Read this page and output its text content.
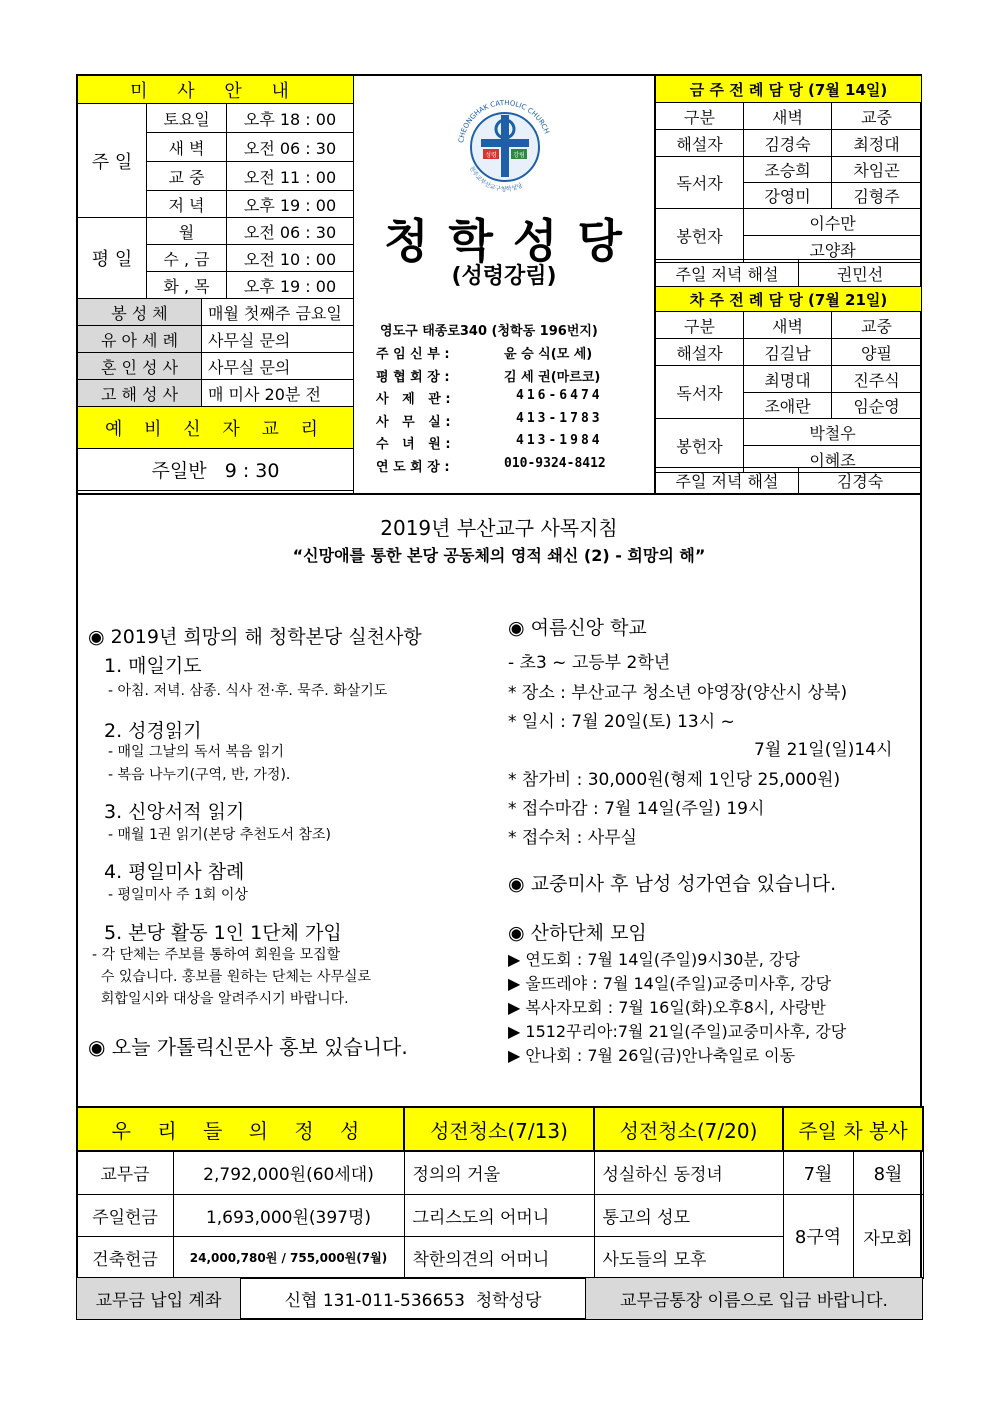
미 사 안 내		
주 일	토요일	오후 18 : 00
	새 벽	오전 06 : 30
	교 중	오전 11 : 00
	저 녁	오후 19 : 00
평 일	월	오전 06 : 30
	수 , 금	오전 10 : 00
	화 , 목	오후 19 : 00
봉 성 체	매월 첫째주 금요일
유 아 세 례	사무실 문의
혼 인 성 사	사무실 문의
고 해 성 사	매 미사 20분 전
예 비 신 자 교 리	
주일반   9 : 30	
CHEONGHAK CATHOLIC CHURCH
천주교부산교구청학성당
성령	강림
청 학 성 당
(성령강림)
영도구 태종로340 (청학동 196번지)
주 임 신 부 :	윤 승 식(모 세)
평 협 회 장 :	김 세 권(마르코)
사   제   관 :	416-6474
사   무   실 :	413-1783
수   녀   원 :	413-1984
연 도 회 장 :	010-9324-8412
금 주 전 례 담 당 (7월 14일)		
구분	새벽	교중
해설자	김경숙	최정대
독서자	조승희	차임곤
	강영미	김형주
봉헌자	이수만	
	고양좌	
주일 저녁 해설	권민선
차 주 전 례 담 당 (7월 21일)		
구분	새벽	교중
해설자	김길남	양필
독서자	최명대	진주식
	조애란	임순영
봉헌자	박철우	
	이혜조	
주일 저녁 해설	김경숙
2019년 부산교구 사목지침
“신망애를 통한 본당 공동체의 영적 쇄신 (2) - 희망의 해”
◉ 2019년 희망의 해 청학본당 실천사항
1. 매일기도
- 아침. 저녁. 삼종. 식사 전·후. 묵주. 화살기도
2. 성경읽기
- 매일 그날의 독서 복음 읽기
- 복음 나누기(구역, 반, 가정).
3. 신앙서적 읽기
- 매월 1권 읽기(본당 추천도서 참조)
4. 평일미사 참례
- 평일미사 주 1회 이상
5. 본당 활동 1인 1단체 가입
- 각 단체는 주보를 통하여 회원을 모집할
수 있습니다. 홍보를 원하는 단체는 사무실로
회합일시와 대상을 알려주시기 바랍니다.
◉ 오늘 가톨릭신문사 홍보 있습니다.
◉ 여름신앙 학교
- 초3 ~ 고등부 2학년
* 장소 : 부산교구 청소년 야영장(양산시 상북)
* 일시 : 7월 20일(토) 13시 ~
7월 21일(일)14시
* 참가비 : 30,000원(형제 1인당 25,000원)
* 접수마감 : 7월 14일(주일) 19시
* 접수처 : 사무실
◉ 교중미사 후 남성 성가연습 있습니다.
◉ 산하단체 모임
▶ 연도회 : 7월 14일(주일)9시30분, 강당
▶ 울뜨레야 : 7월 14일(주일)교중미사후, 강당
▶ 복사자모회 : 7월 16일(화)오후8시, 사랑반
▶ 1512꾸리아:7월 21일(주일)교중미사후, 강당
▶ 안나회 : 7월 26일(금)안나축일로 이동
우 리 들 의 정 성		성전청소(7/13)	성전청소(7/20)	주일 차 봉사	
교무금	2,792,000원(60세대)	정의의 거울	성실하신 동정녀	7월	8월
주일헌금	1,693,000원(397명)	그리스도의 어머니	통고의 성모	8구역	자모회
건축헌금	24,000,780원 / 755,000원(7월)	착한의견의 어머니	사도들의 모후		
교무금 납입 계좌	신협 131-011-536653  청학성당	교무금통장 이름으로 입금 바랍니다.
